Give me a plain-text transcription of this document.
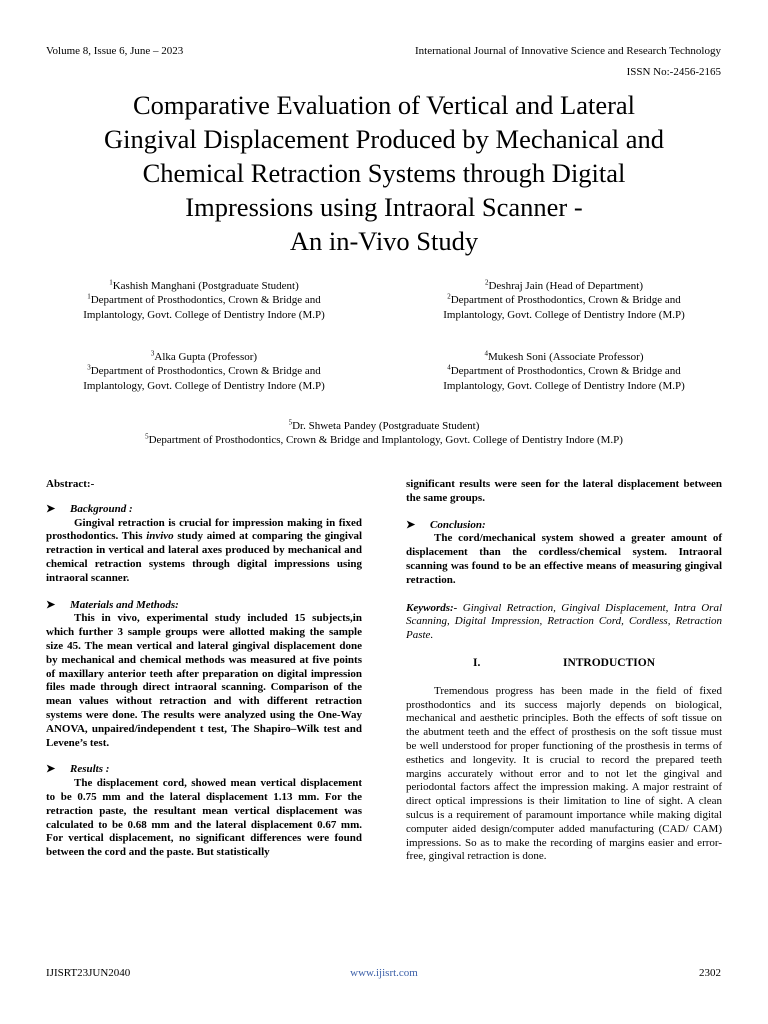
Volume 8, Issue 6, June – 2023	International Journal of Innovative Science and Research Technology
ISSN No:-2456-2165
Comparative Evaluation of Vertical and Lateral
Gingival Displacement Produced by Mechanical and
Chemical Retraction Systems through Digital
Impressions using Intraoral Scanner -
An in-Vivo Study
$^1$Kashish Manghani (Postgraduate Student)
$^1$Department of Prosthodontics, Crown & Bridge and
Implantology, Govt. College of Dentistry Indore (M.P)
$^2$Deshraj Jain (Head of Department)
$^2$Department of Prosthodontics, Crown & Bridge and
Implantology, Govt. College of Dentistry Indore (M.P)
$^3$Alka Gupta (Professor)
$^3$Department of Prosthodontics, Crown & Bridge and
Implantology, Govt. College of Dentistry Indore (M.P)
$^4$Mukesh Soni (Associate Professor)
$^4$Department of Prosthodontics, Crown & Bridge and
Implantology, Govt. College of Dentistry Indore (M.P)
$^5$Dr. Shweta Pandey (Postgraduate Student)
$^5$Department of Prosthodontics, Crown & Bridge and Implantology, Govt. College of Dentistry Indore (M.P)

Abstract:-

➤	Background :

Gingival retraction is crucial for impression making in fixed prosthodontics. This invivo study aimed at comparing the gingival retraction in vertical and lateral axes produced by mechanical and chemical retraction systems through digital impressions using intraoral scanner.

➤	Materials and Methods:

This in vivo, experimental study included 15 subjects,in which further 3 sample groups were allotted making the sample size 45. The mean vertical and lateral gingival displacement done by mechanical and chemical methods was measured at five points of maxillary anterior teeth after preparation on digital impression files made through direct intraoral scanning. Comparison of the mean values without retraction and with different retraction systems were done. The results were analyzed using the One-Way ANOVA, unpaired/independent t test, The Shapiro–Wilk test and Levene’s test.

➤	Results :

The displacement cord, showed mean vertical displacement to be 0.75 mm and the lateral displacement 1.13 mm. For the retraction paste, the resultant mean vertical displacement was calculated to be 0.68 mm and the lateral displacement 0.67 mm. For vertical displacement, no significant differences were found between the cord and the paste. But statistically

significant results were seen for the lateral displacement between the same groups.

➤	Conclusion:

The cord/mechanical system showed a greater amount of displacement than the cordless/chemical system. Intraoral scanning was found to be an effective means of measuring gingival retraction.

Keywords:- Gingival Retraction, Gingival Displacement, Intra Oral Scanning, Digital Impression, Retraction Cord, Cordless, Retraction Paste.

I.	INTRODUCTION

Tremendous progress has been made in the field of fixed prosthodontics and its success majorly depends on biological, mechanical and aesthetic principles. Both the effects of soft tissue on the abutment teeth and the effect of prosthesis on the soft tissue must be well understood for proper functioning of the prosthesis in terms of esthetics and longevity. It is crucial to record the prepared teeth margins accurately without error and to not let the gingival and periodontal factors affect the impression making. A major restraint of direct optical impressions is their limitation to line of sight. A clean sulcus is a requirement of paramount importance while making digital computer aided design/computer added manufacturing (CAD/ CAM) impressions. So as to make the recording of margins easier and error-free, gingival retraction is done.

IJISRT23JUN2040	www.ijisrt.com	2302
